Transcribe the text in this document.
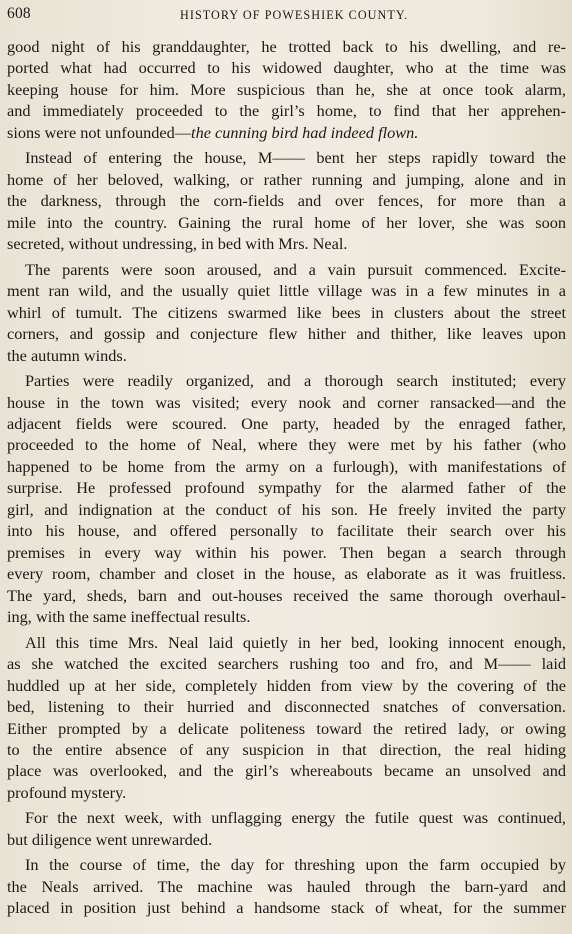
608	HISTORY OF POWESHIEK COUNTY.
good night of his granddaughter, he trotted back to his dwelling, and re-
ported what had occurred to his widowed daughter, who at the time was
keeping house for him. More suspicious than he, she at once took alarm,
and immediately proceeded to the girl’s home, to find that her apprehen-
sions were not unfounded—the cunning bird had indeed flown.
Instead of entering the house, M—— bent her steps rapidly toward the
home of her beloved, walking, or rather running and jumping, alone and in
the darkness, through the corn-fields and over fences, for more than a
mile into the country. Gaining the rural home of her lover, she was soon
secreted, without undressing, in bed with Mrs. Neal.
The parents were soon aroused, and a vain pursuit commenced. Excite-
ment ran wild, and the usually quiet little village was in a few minutes in a
whirl of tumult. The citizens swarmed like bees in clusters about the street
corners, and gossip and conjecture flew hither and thither, like leaves upon
the autumn winds.
Parties were readily organized, and a thorough search instituted; every
house in the town was visited; every nook and corner ransacked—and the
adjacent fields were scoured. One party, headed by the enraged father,
proceeded to the home of Neal, where they were met by his father (who
happened to be home from the army on a furlough), with manifestations of
surprise. He professed profound sympathy for the alarmed father of the
girl, and indignation at the conduct of his son. He freely invited the party
into his house, and offered personally to facilitate their search over his
premises in every way within his power. Then began a search through
every room, chamber and closet in the house, as elaborate as it was fruitless.
The yard, sheds, barn and out-houses received the same thorough overhaul-
ing, with the same ineffectual results.
All this time Mrs. Neal laid quietly in her bed, looking innocent enough,
as she watched the excited searchers rushing too and fro, and M—— laid
huddled up at her side, completely hidden from view by the covering of the
bed, listening to their hurried and disconnected snatches of conversation.
Either prompted by a delicate politeness toward the retired lady, or owing
to the entire absence of any suspicion in that direction, the real hiding
place was overlooked, and the girl’s whereabouts became an unsolved and
profound mystery.
For the next week, with unflagging energy the futile quest was continued,
but diligence went unrewarded.
In the course of time, the day for threshing upon the farm occupied by
the Neals arrived. The machine was hauled through the barn-yard and
placed in position just behind a handsome stack of wheat, for the summer
